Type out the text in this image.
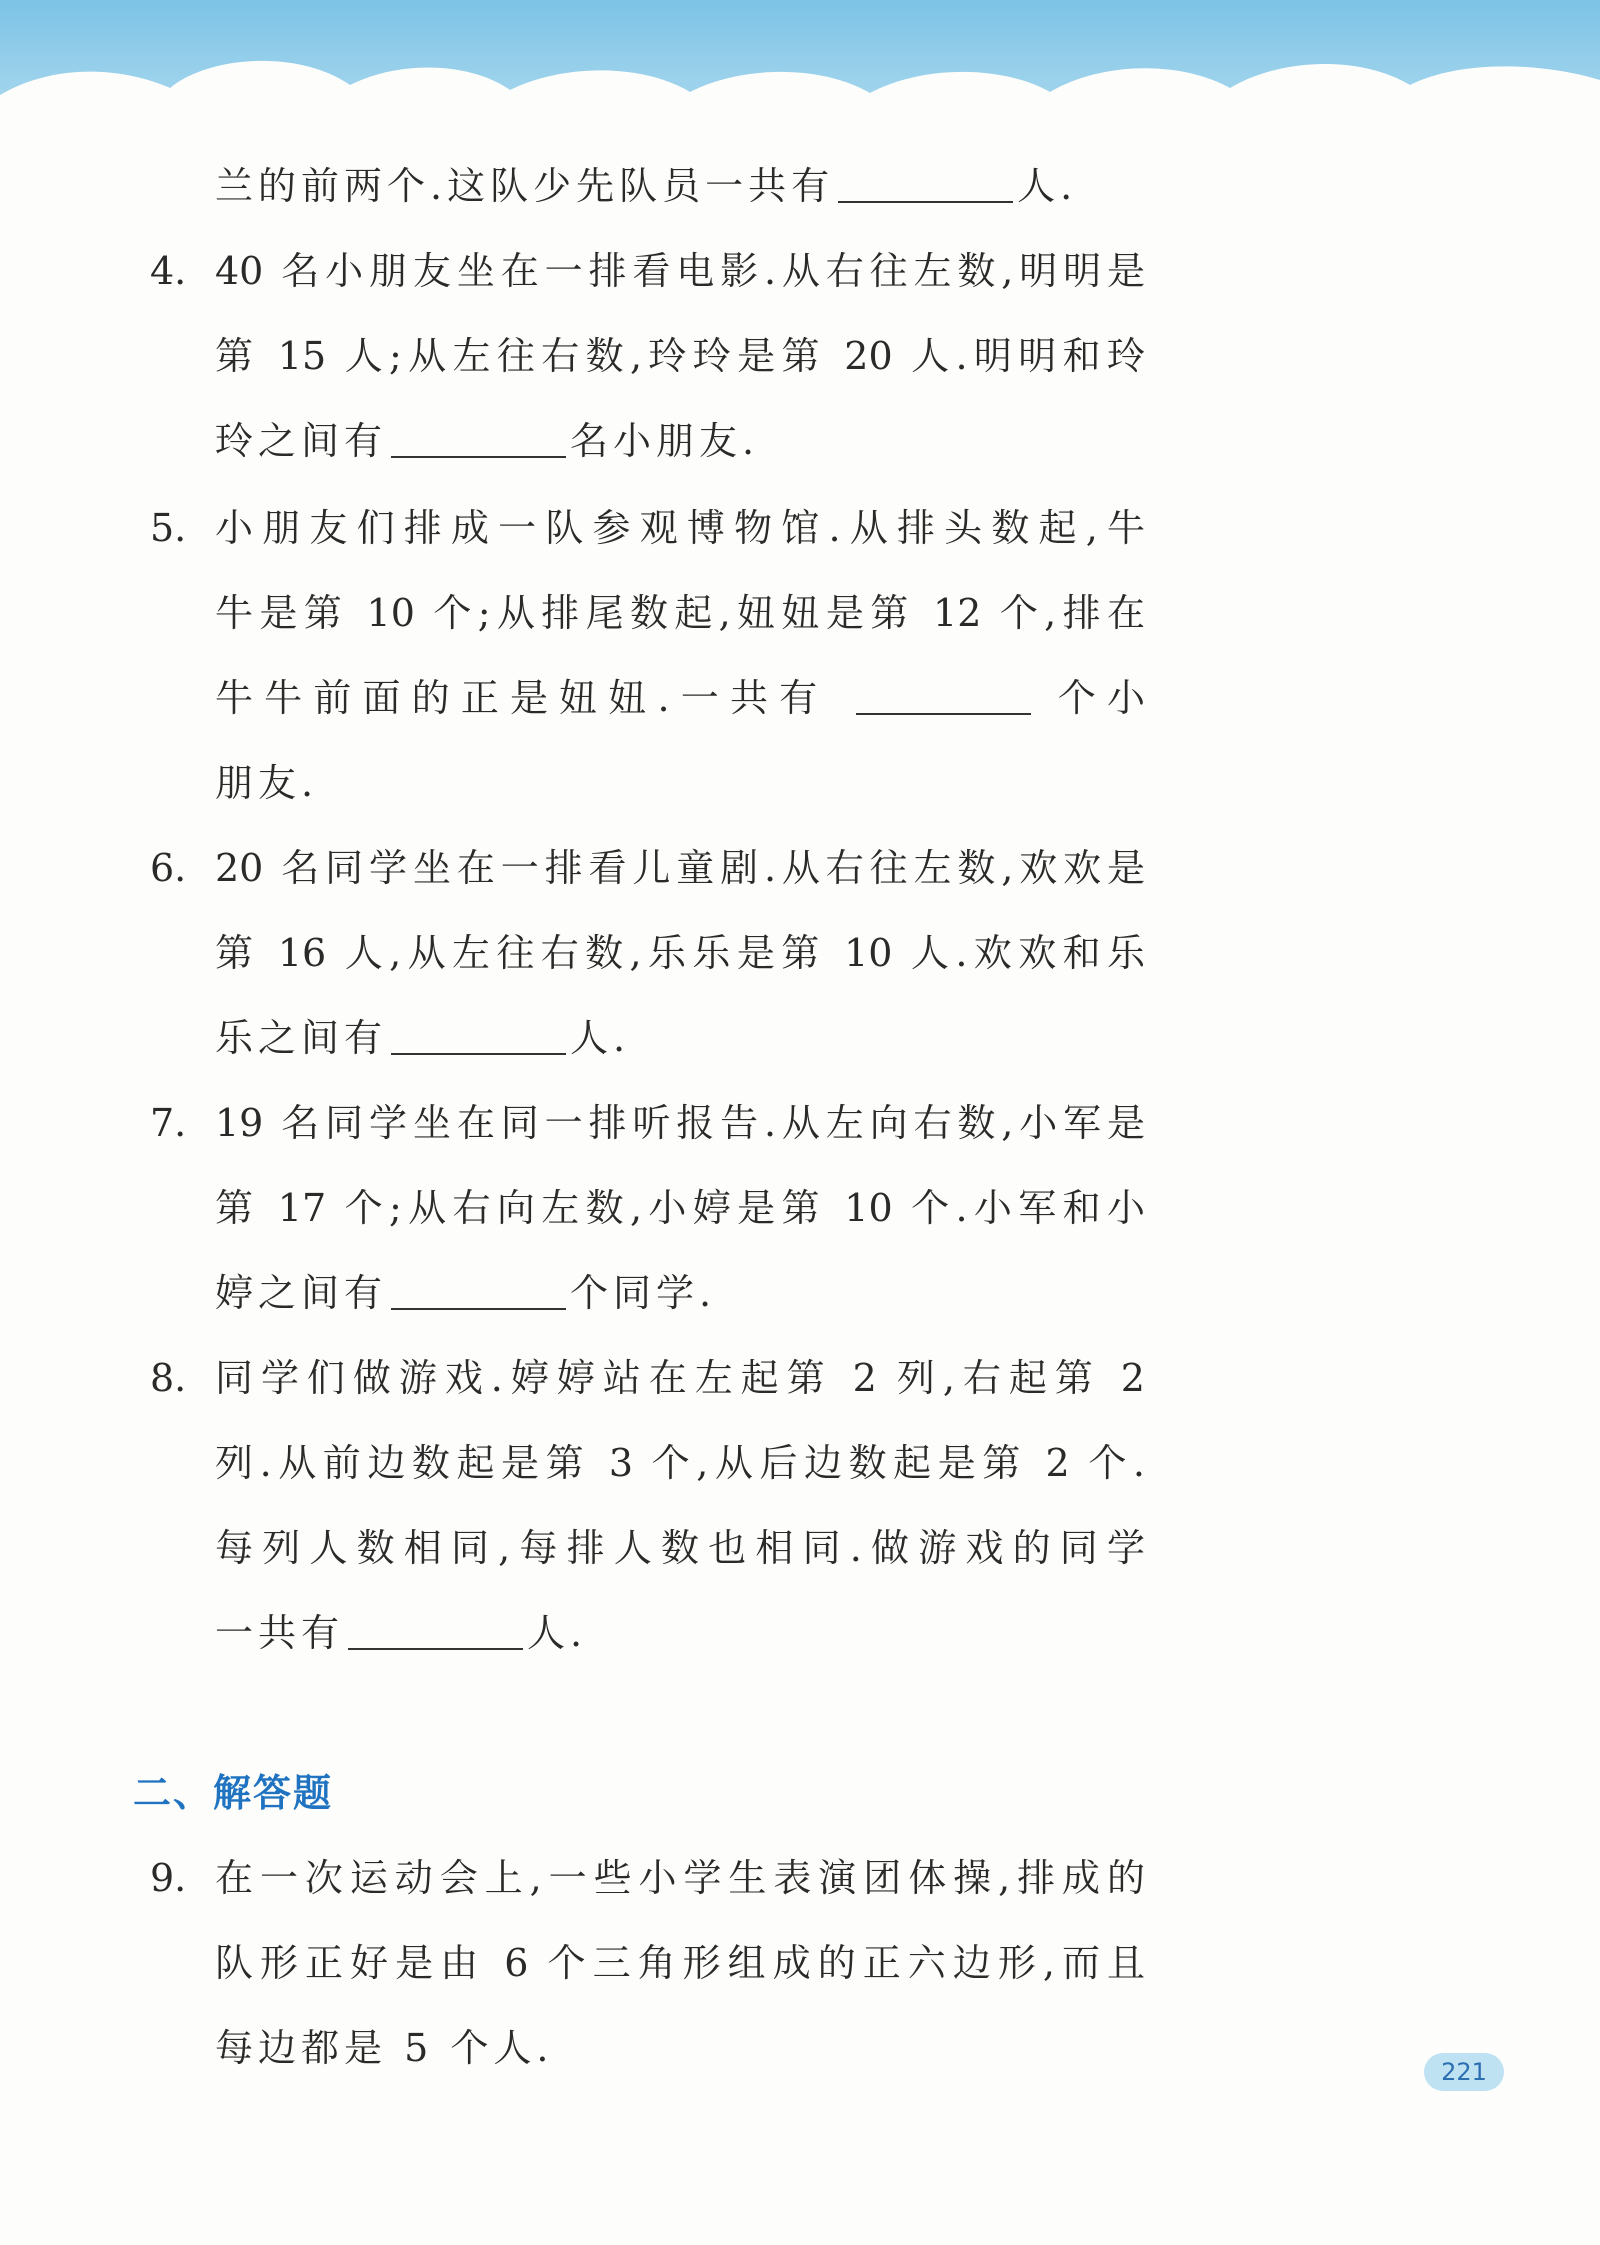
兰的前两个.这队少先队员一共有	人.
4. 40 名小朋友坐在一排看电影.从右往左数,明明是
第 15 人;从左往右数,玲玲是第 20 人.明明和玲
玲之间有	名小朋友.
5. 小朋友们排成一队参观博物馆.从排头数起,牛
牛是第 10 个;从排尾数起,妞妞是第 12 个,排在
牛牛前面的正是妞妞.一共有	个小
朋友.
6. 20 名同学坐在一排看儿童剧.从右往左数,欢欢是
第 16 人,从左往右数,乐乐是第 10 人.欢欢和乐
乐之间有	人.
7. 19 名同学坐在同一排听报告.从左向右数,小军是
第 17 个;从右向左数,小婷是第 10 个.小军和小
婷之间有	个同学.
8. 同学们做游戏.婷婷站在左起第 2 列,右起第 2
列.从前边数起是第 3 个,从后边数起是第 2 个.
每列人数相同,每排人数也相同.做游戏的同学
一共有	人.
二、解答题
9. 在一次运动会上,一些小学生表演团体操,排成的
队形正好是由 6 个三角形组成的正六边形,而且
每边都是 5 个人.
221
